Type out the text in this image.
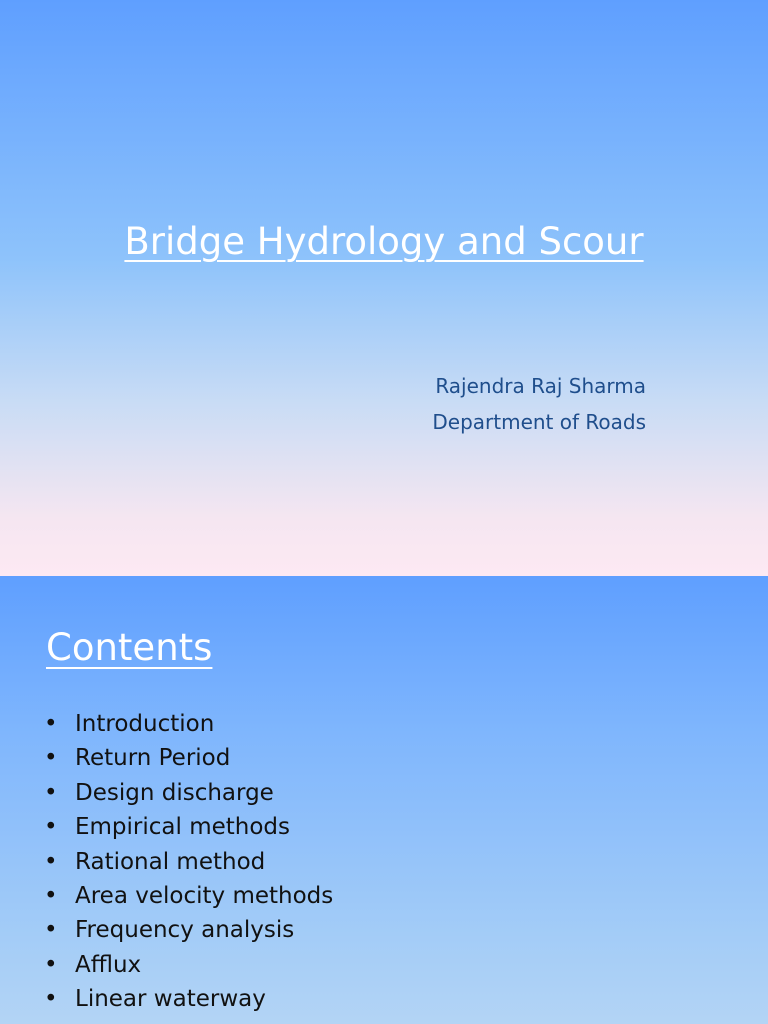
Bridge Hydrology and Scour
Rajendra Raj Sharma
Department of Roads
Contents
• Introduction
• Return Period
• Design discharge
• Empirical methods
• Rational method
• Area velocity methods
• Frequency analysis
• Afflux
• Linear waterway
